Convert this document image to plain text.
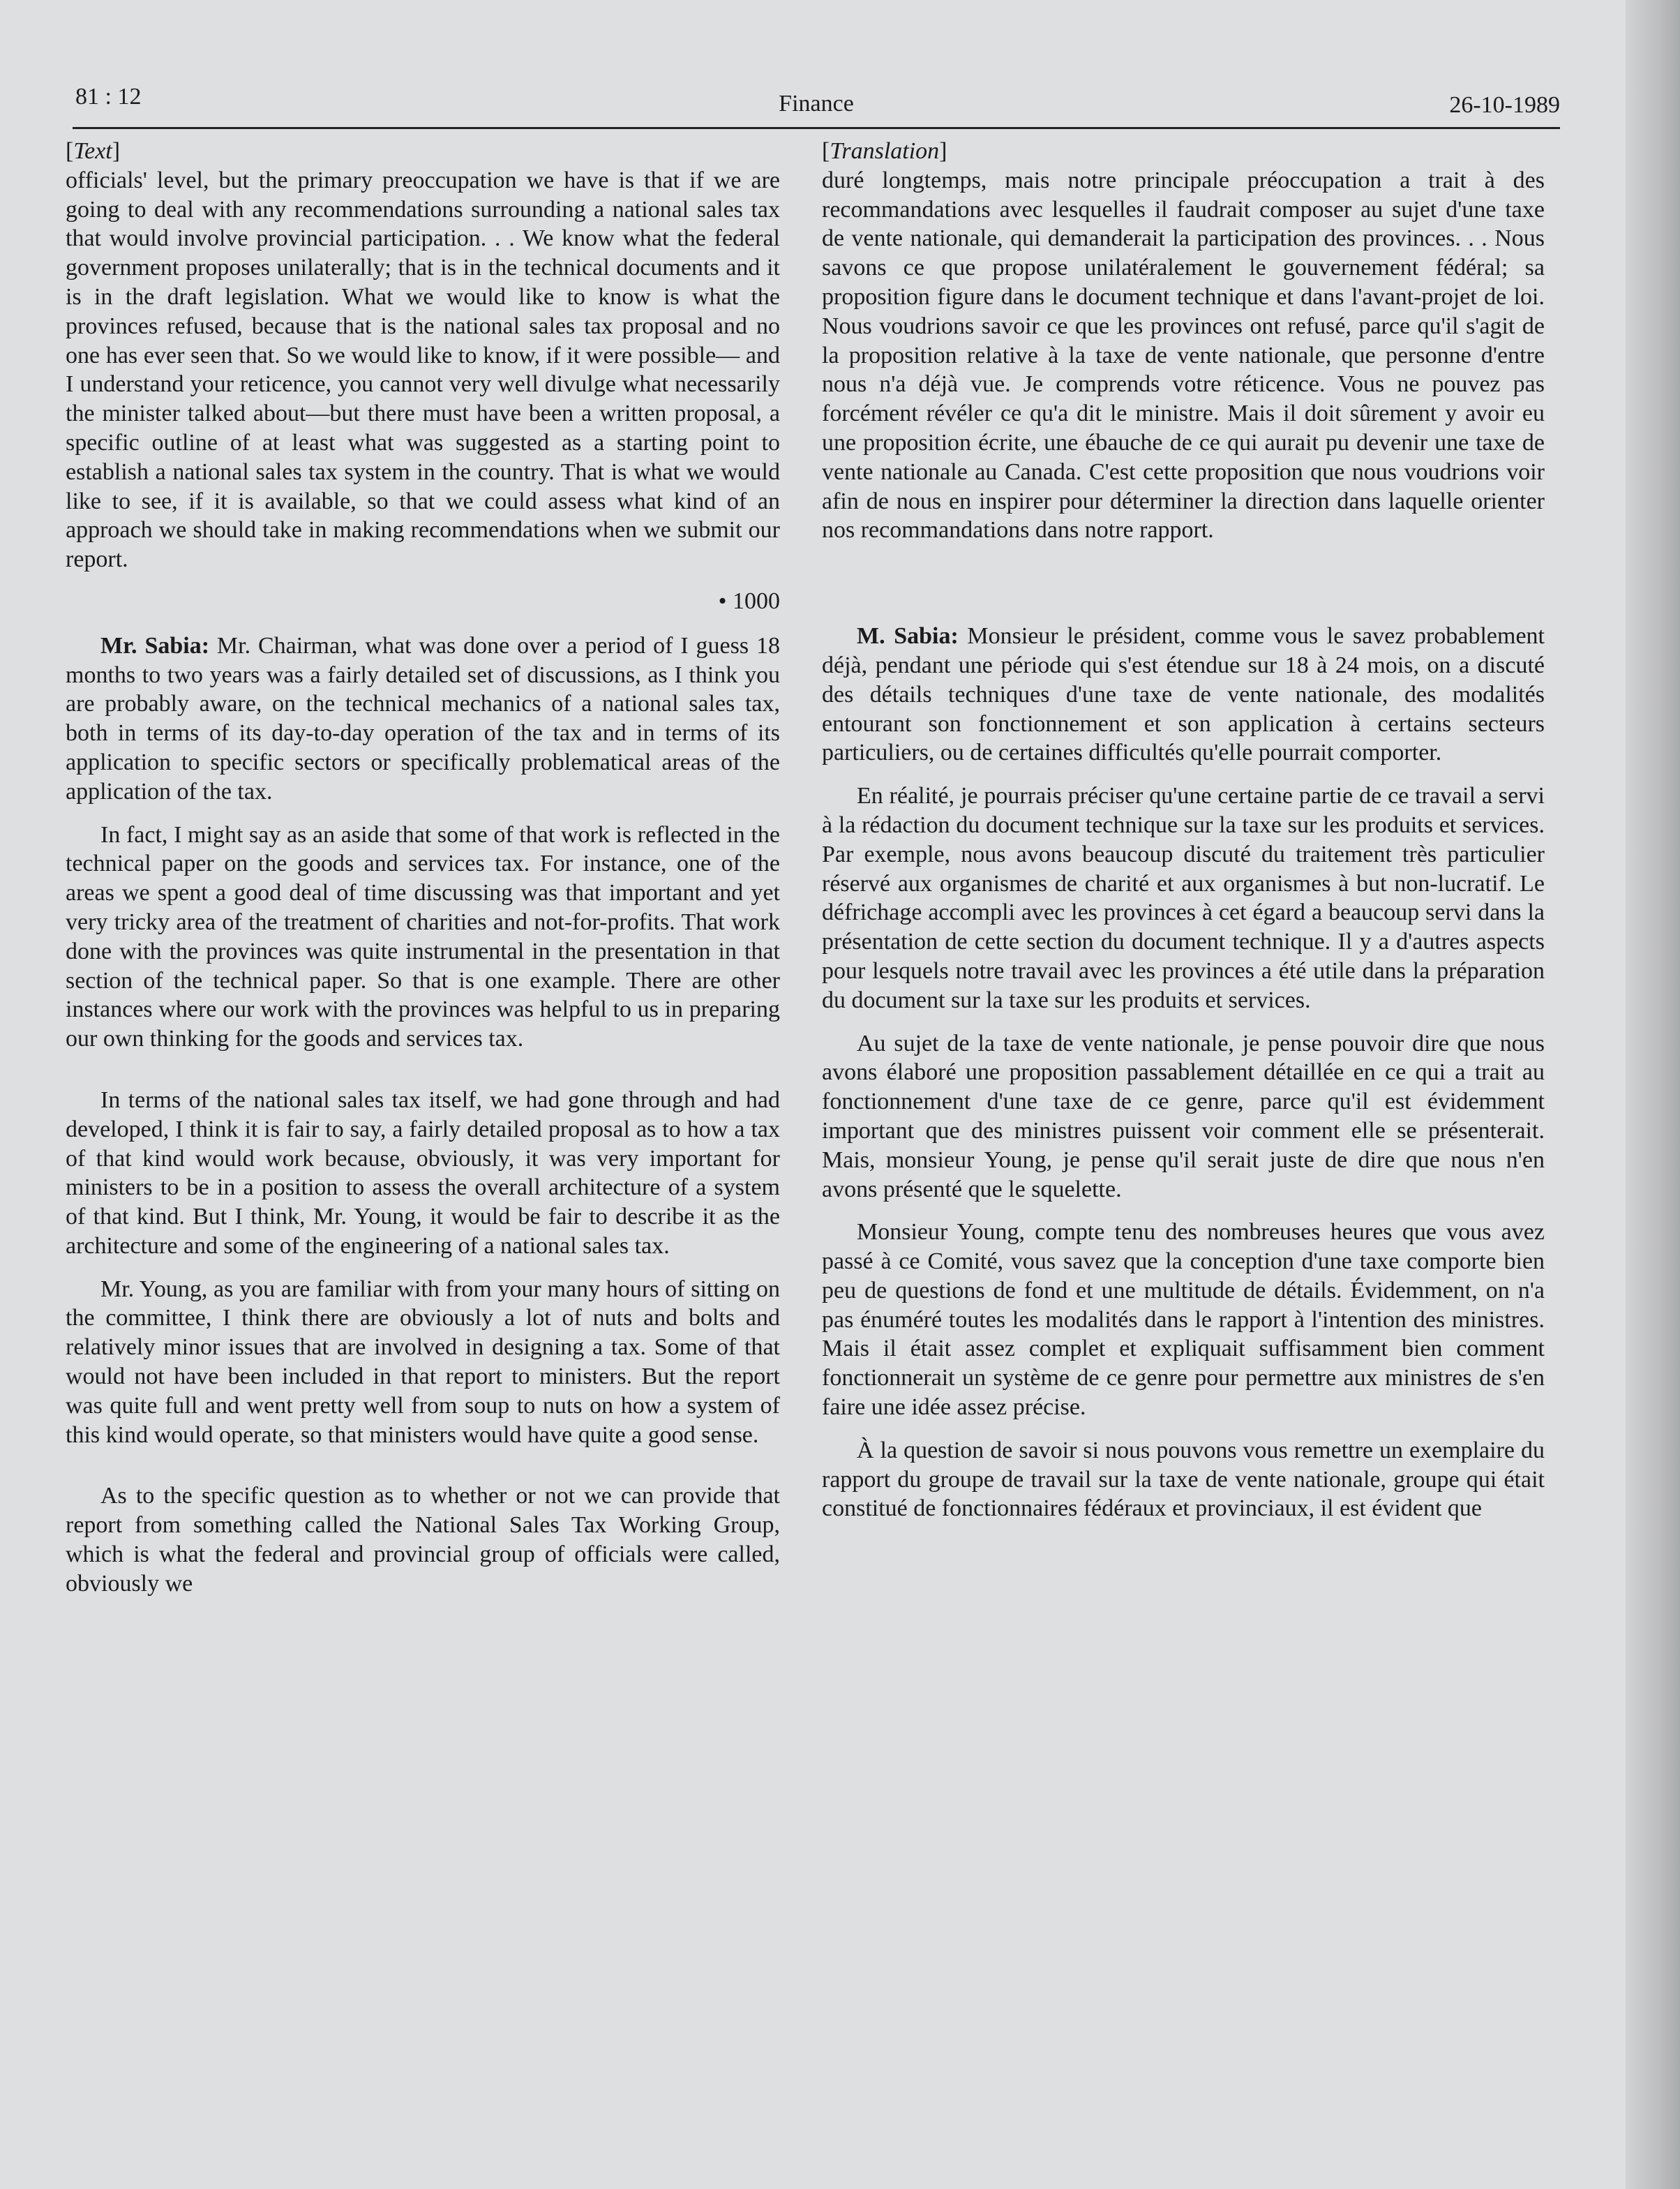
81 : 12	Finance	26-10-1989
[Text]

officials' level, but the primary preoccupation we have is that if we are going to deal with any recommendations surrounding a national sales tax that would involve provincial participation. . . We know what the federal government proposes unilaterally; that is in the technical documents and it is in the draft legislation. What we would like to know is what the provinces refused, because that is the national sales tax proposal and no one has ever seen that. So we would like to know, if it were possible— and I understand your reticence, you cannot very well divulge what necessarily the minister talked about—but there must have been a written proposal, a specific outline of at least what was suggested as a starting point to establish a national sales tax system in the country. That is what we would like to see, if it is available, so that we could assess what kind of an approach we should take in making recommendations when we submit our report.

• 1000

Mr. Sabia: Mr. Chairman, what was done over a period of I guess 18 months to two years was a fairly detailed set of discussions, as I think you are probably aware, on the technical mechanics of a national sales tax, both in terms of its day-to-day operation of the tax and in terms of its application to specific sectors or specifically problematical areas of the application of the tax.

In fact, I might say as an aside that some of that work is reflected in the technical paper on the goods and services tax. For instance, one of the areas we spent a good deal of time discussing was that important and yet very tricky area of the treatment of charities and not-for-profits. That work done with the provinces was quite instrumental in the presentation in that section of the technical paper. So that is one example. There are other instances where our work with the provinces was helpful to us in preparing our own thinking for the goods and services tax.

In terms of the national sales tax itself, we had gone through and had developed, I think it is fair to say, a fairly detailed proposal as to how a tax of that kind would work because, obviously, it was very important for ministers to be in a position to assess the overall architecture of a system of that kind. But I think, Mr. Young, it would be fair to describe it as the architecture and some of the engineering of a national sales tax.

Mr. Young, as you are familiar with from your many hours of sitting on the committee, I think there are obviously a lot of nuts and bolts and relatively minor issues that are involved in designing a tax. Some of that would not have been included in that report to ministers. But the report was quite full and went pretty well from soup to nuts on how a system of this kind would operate, so that ministers would have quite a good sense.

As to the specific question as to whether or not we can provide that report from something called the National Sales Tax Working Group, which is what the federal and provincial group of officials were called, obviously we

[Translation]

duré longtemps, mais notre principale préoccupation a trait à des recommandations avec lesquelles il faudrait composer au sujet d'une taxe de vente nationale, qui demanderait la participation des provinces. . . Nous savons ce que propose unilatéralement le gouvernement fédéral; sa proposition figure dans le document technique et dans l'avant-projet de loi. Nous voudrions savoir ce que les provinces ont refusé, parce qu'il s'agit de la proposition relative à la taxe de vente nationale, que personne d'entre nous n'a déjà vue. Je comprends votre réticence. Vous ne pouvez pas forcément révéler ce qu'a dit le ministre. Mais il doit sûrement y avoir eu une proposition écrite, une ébauche de ce qui aurait pu devenir une taxe de vente nationale au Canada. C'est cette proposition que nous voudrions voir afin de nous en inspirer pour déterminer la direction dans laquelle orienter nos recommandations dans notre rapport.

M. Sabia: Monsieur le président, comme vous le savez probablement déjà, pendant une période qui s'est étendue sur 18 à 24 mois, on a discuté des détails techniques d'une taxe de vente nationale, des modalités entourant son fonctionnement et son application à certains secteurs particuliers, ou de certaines difficultés qu'elle pourrait comporter.

En réalité, je pourrais préciser qu'une certaine partie de ce travail a servi à la rédaction du document technique sur la taxe sur les produits et services. Par exemple, nous avons beaucoup discuté du traitement très particulier réservé aux organismes de charité et aux organismes à but non-lucratif. Le défrichage accompli avec les provinces à cet égard a beaucoup servi dans la présentation de cette section du document technique. Il y a d'autres aspects pour lesquels notre travail avec les provinces a été utile dans la préparation du document sur la taxe sur les produits et services.

Au sujet de la taxe de vente nationale, je pense pouvoir dire que nous avons élaboré une proposition passablement détaillée en ce qui a trait au fonctionnement d'une taxe de ce genre, parce qu'il est évidemment important que des ministres puissent voir comment elle se présenterait. Mais, monsieur Young, je pense qu'il serait juste de dire que nous n'en avons présenté que le squelette.

Monsieur Young, compte tenu des nombreuses heures que vous avez passé à ce Comité, vous savez que la conception d'une taxe comporte bien peu de questions de fond et une multitude de détails. Évidemment, on n'a pas énuméré toutes les modalités dans le rapport à l'intention des ministres. Mais il était assez complet et expliquait suffisamment bien comment fonctionnerait un système de ce genre pour permettre aux ministres de s'en faire une idée assez précise.

À la question de savoir si nous pouvons vous remettre un exemplaire du rapport du groupe de travail sur la taxe de vente nationale, groupe qui était constitué de fonctionnaires fédéraux et provinciaux, il est évident que
